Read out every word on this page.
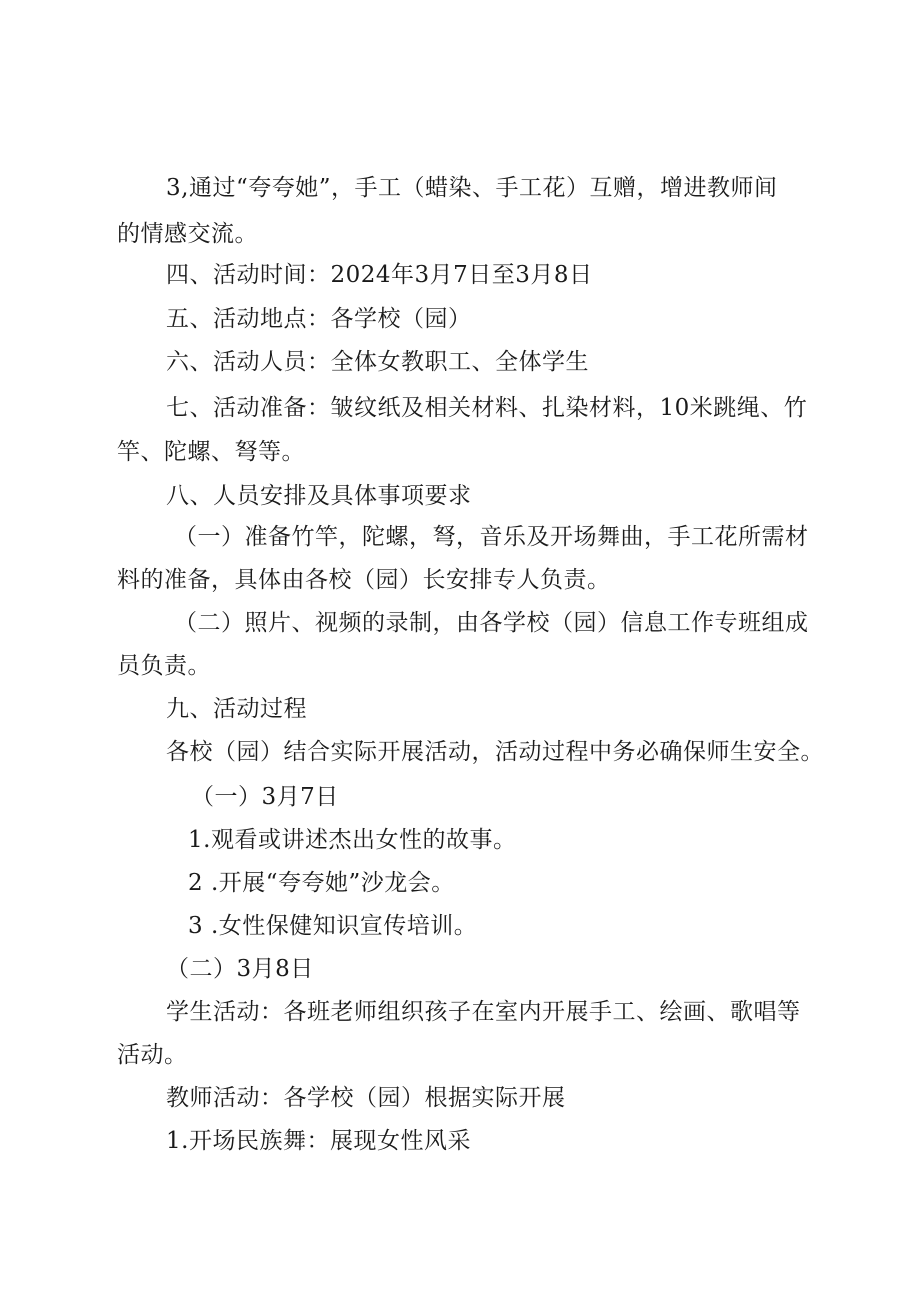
3,通过“夸夸她”，手工（蜡染、手工花）互赠，增进教师间
的情感交流。
四、活动时间：2024年3月7日至3月8日
五、活动地点：各学校（园）
六、活动人员：全体女教职工、全体学生
七、活动准备：皱纹纸及相关材料、扎染材料，10米跳绳、竹
竿、陀螺、弩等。
八、人员安排及具体事项要求
（一）准备竹竿，陀螺，弩，音乐及开场舞曲，手工花所需材
料的准备，具体由各校（园）长安排专人负责。
（二）照片、视频的录制，由各学校（园）信息工作专班组成
员负责。
九、活动过程
各校（园）结合实际开展活动，活动过程中务必确保师生安全。
（一）3月7日
1.观看或讲述杰出女性的故事。
2 .开展“夸夸她”沙龙会。
3 .女性保健知识宣传培训。
（二）3月8日
学生活动：各班老师组织孩子在室内开展手工、绘画、歌唱等
活动。
教师活动：各学校（园）根据实际开展
1.开场民族舞：展现女性风采
